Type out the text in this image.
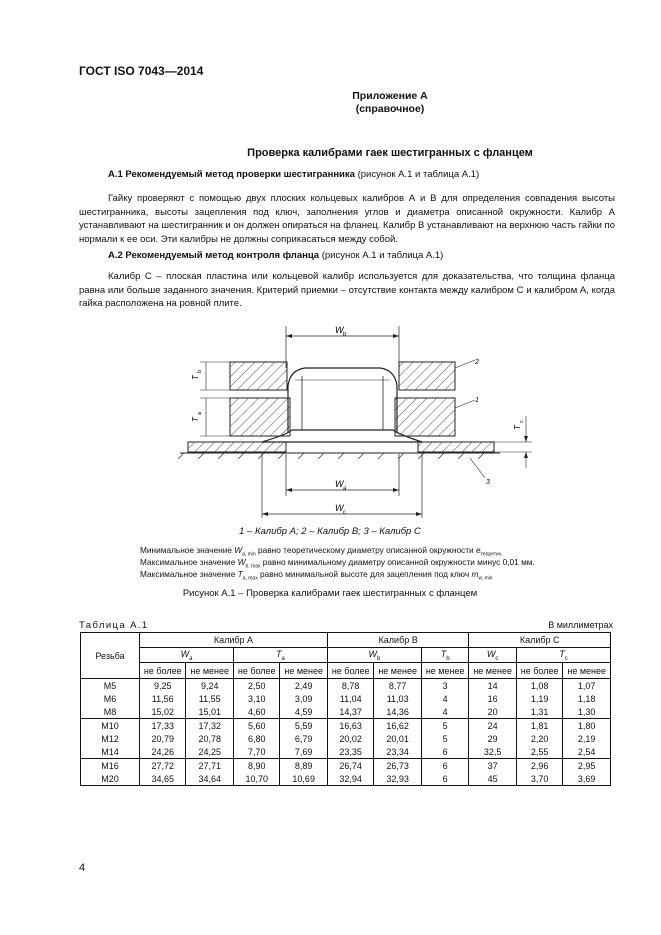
ГОСТ ISO 7043—2014
Приложение А
(справочное)
Проверка калибрами гаек шестигранных с фланцем
А.1 Рекомендуемый метод проверки шестигранника (рисунок А.1 и таблица А.1)
Гайку проверяют с помощью двух плоских кольцевых калибров А и В для определения совпадения высоты шестигранника, высоты зацепления под ключ, заполнения углов и диаметра описанной окружности. Калибр А устанавливают на шестигранник и он должен опираться на фланец. Калибр В устанавливают на верхнюю часть гайки по нормали к ее оси. Эти калибры не должны соприкасаться между собой.
А.2 Рекомендуемый метод контроля фланца (рисунок А.1 и таблица А.1)
Калибр С – плоская пластина или кольцевой калибр используется для доказательства, что толщина фланца равна или больше заданного значения. Критерий приемки – отсутствие контакта между калибром С и калибром А, когда гайка расположена на ровной плите.
W b
2
T
b
1
T
a
3
T
c
W a
W c
1 – Калибр А; 2 – Калибр В; 3 – Калибр С
Минимальное значение $W_{a, min}$ равно теоретическому диаметру описанной окружности $e_{теоретич.}$
Максимальное значение $W_{b, max}$ равно минимальному диаметру описанной окружности минус 0,01 мм.
Максимальное значение $T_{a, max}$ равно минимальной высоте для зацепления под ключ $m_{w, min}$
Рисунок А.1 – Проверка калибрами гаек шестигранных с фланцем
Таблица А.1	В миллиметрах
Резьба	Калибр А				Калибр В			Калибр С		
	$W_a$		$T_a$		$W_b$		$T_b$	$W_c$	$T_c$
	не более	не менее	не более	не менее	не более	не менее	не менее	не менее	не более	не менее
M5	9,25	9,24	2,50	2,49	8,78	8,77	3	14	1,08	1,07
M6	11,56	11,55	3,10	3,09	11,04	11,03	4	16	1,19	1,18
M8	15,02	15,01	4,60	4,59	14,37	14,36	4	20	1,31	1,30
M10	17,33	17,32	5,60	5,59	16,63	16,62	5	24	1,81	1,80
M12	20,79	20,78	6,80	6,79	20,02	20,01	5	29	2,20	2,19
M14	24,26	24,25	7,70	7,69	23,35	23,34	6	32,5	2,55	2,54
M16	27,72	27,71	8,90	8,89	26,74	26,73	6	37	2,96	2,95
M20	34,65	34,64	10,70	10,69	32,94	32,93	6	45	3,70	3,69
4
